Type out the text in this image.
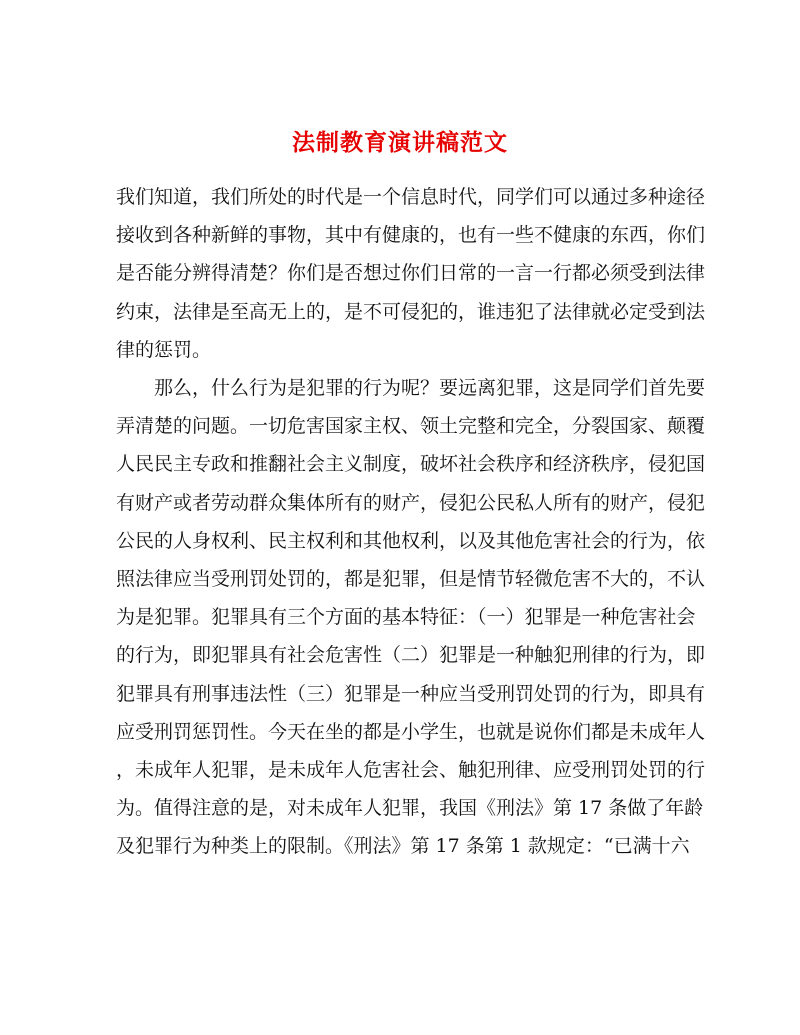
法制教育演讲稿范文

我们知道，我们所处的时代是一个信息时代，同学们可以通过多种途径
接收到各种新鲜的事物，其中有健康的，也有一些不健康的东西，你们
是否能分辨得清楚？你们是否想过你们日常的一言一行都必须受到法律
约束，法律是至高无上的，是不可侵犯的，谁违犯了法律就必定受到法
律的惩罚。

那么，什么行为是犯罪的行为呢？要远离犯罪，这是同学们首先要
弄清楚的问题。一切危害国家主权、领土完整和完全，分裂国家、颠覆
人民民主专政和推翻社会主义制度，破坏社会秩序和经济秩序，侵犯国
有财产或者劳动群众集体所有的财产，侵犯公民私人所有的财产，侵犯
公民的人身权利、民主权利和其他权利，以及其他危害社会的行为，依
照法律应当受刑罚处罚的，都是犯罪，但是情节轻微危害不大的，不认
为是犯罪。犯罪具有三个方面的基本特征：（一）犯罪是一种危害社会
的行为，即犯罪具有社会危害性（二）犯罪是一种触犯刑律的行为，即
犯罪具有刑事违法性（三）犯罪是一种应当受刑罚处罚的行为，即具有
应受刑罚惩罚性。今天在坐的都是小学生，也就是说你们都是未成年人
，未成年人犯罪，是未成年人危害社会、触犯刑律、应受刑罚处罚的行
为。值得注意的是，对未成年人犯罪，我国《刑法》第 17 条做了年龄
及犯罪行为种类上的限制。《刑法》第 17 条第 1 款规定：“已满十六
